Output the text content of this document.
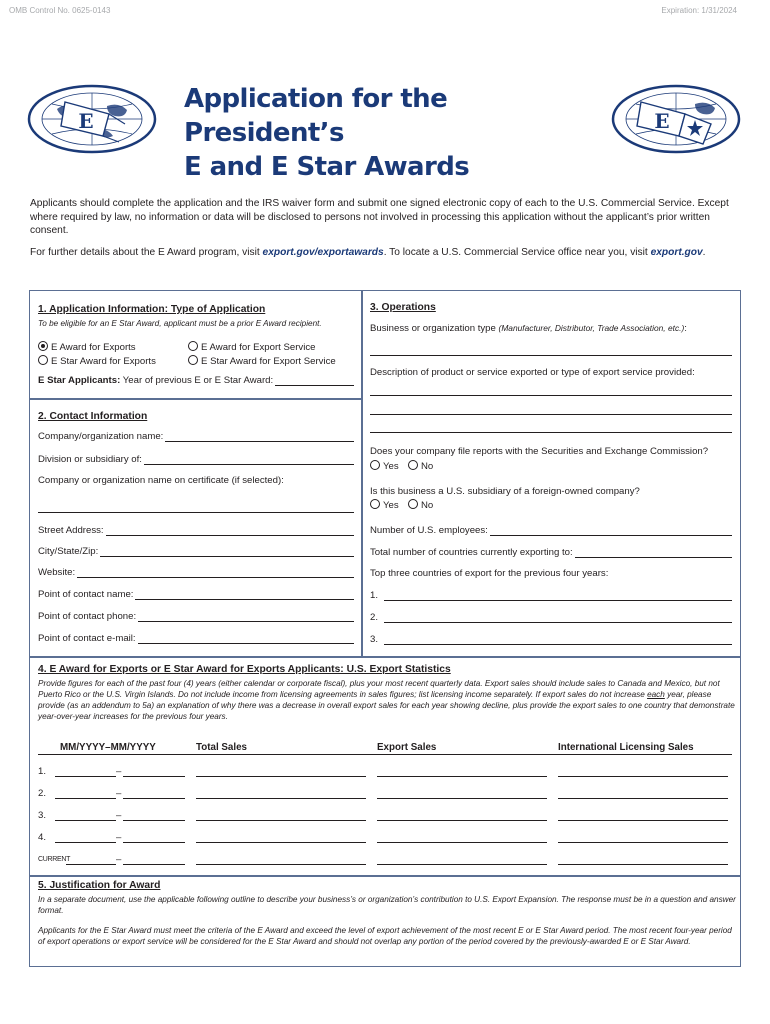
OMB Control No. 0625-0143	Expiration: 1/31/2024
E	E
Application for the President’s
E and E Star Awards
Applicants should complete the application and the IRS waiver form and submit one signed electronic copy of each to the U.S. Commercial Service. Except where required by law, no information or data will be disclosed to persons not involved in processing this application without the applicant’s prior written consent.
For further details about the E Award program, visit export.gov/exportawards. To locate a U.S. Commercial Service office near you, visit export.gov.
1. Application Information: Type of Application
To be eligible for an E Star Award, applicant must be a prior E Award recipient.
E Award for Exports
E Star Award for Exports
E Award for Export Service
E Star Award for Export Service
E Star Applicants: Year of previous E or E Star Award:
2. Contact Information
Company/organization name:
Division or subsidiary of:
Company or organization name on certificate (if selected):
Street Address:
City/State/Zip:
Website:
Point of contact name:
Point of contact phone:
Point of contact e-mail:
3. Operations
Business or organization type (Manufacturer, Distributor, Trade Association, etc.):
Description of product or service exported or type of export service provided:
Does your company file reports with the Securities and Exchange Commission?
Yes	No
Is this business a U.S. subsidiary of a foreign-owned company?
Yes	No
Number of U.S. employees:
Total number of countries currently exporting to:
Top three countries of export for the previous four years:
1.
2.
3.
4. E Award for Exports or E Star Award for Exports Applicants: U.S. Export Statistics
Provide figures for each of the past four (4) years (either calendar or corporate fiscal), plus your most recent quarterly data. Export sales should include sales to Canada and Mexico, but not Puerto Rico or the U.S. Virgin Islands. Do not include income from licensing agreements in sales figures; list licensing income separately. If export sales do not increase each year, please provide (as an addendum to 5a) an explanation of why there was a decrease in overall export sales for each year showing decline, plus provide the export sales to one country that demonstrate year-over-year increases for the previous four years.
MM/YYYY–MM/YYYY	Total Sales	Export Sales	International Licensing Sales
1.	–
2.	–
3.	–
4.	–
CURRENT	–
5. Justification for Award
In a separate document, use the applicable following outline to describe your business’s or organization’s contribution to U.S. Export Expansion. The response must be in a question and answer format.
Applicants for the E Star Award must meet the criteria of the E Award and exceed the level of export achievement of the most recent E or E Star Award period. The most recent four-year period of export operations or export service will be considered for the E Star Award and should not overlap any portion of the period covered by the previously-awarded E or E Star Award.
